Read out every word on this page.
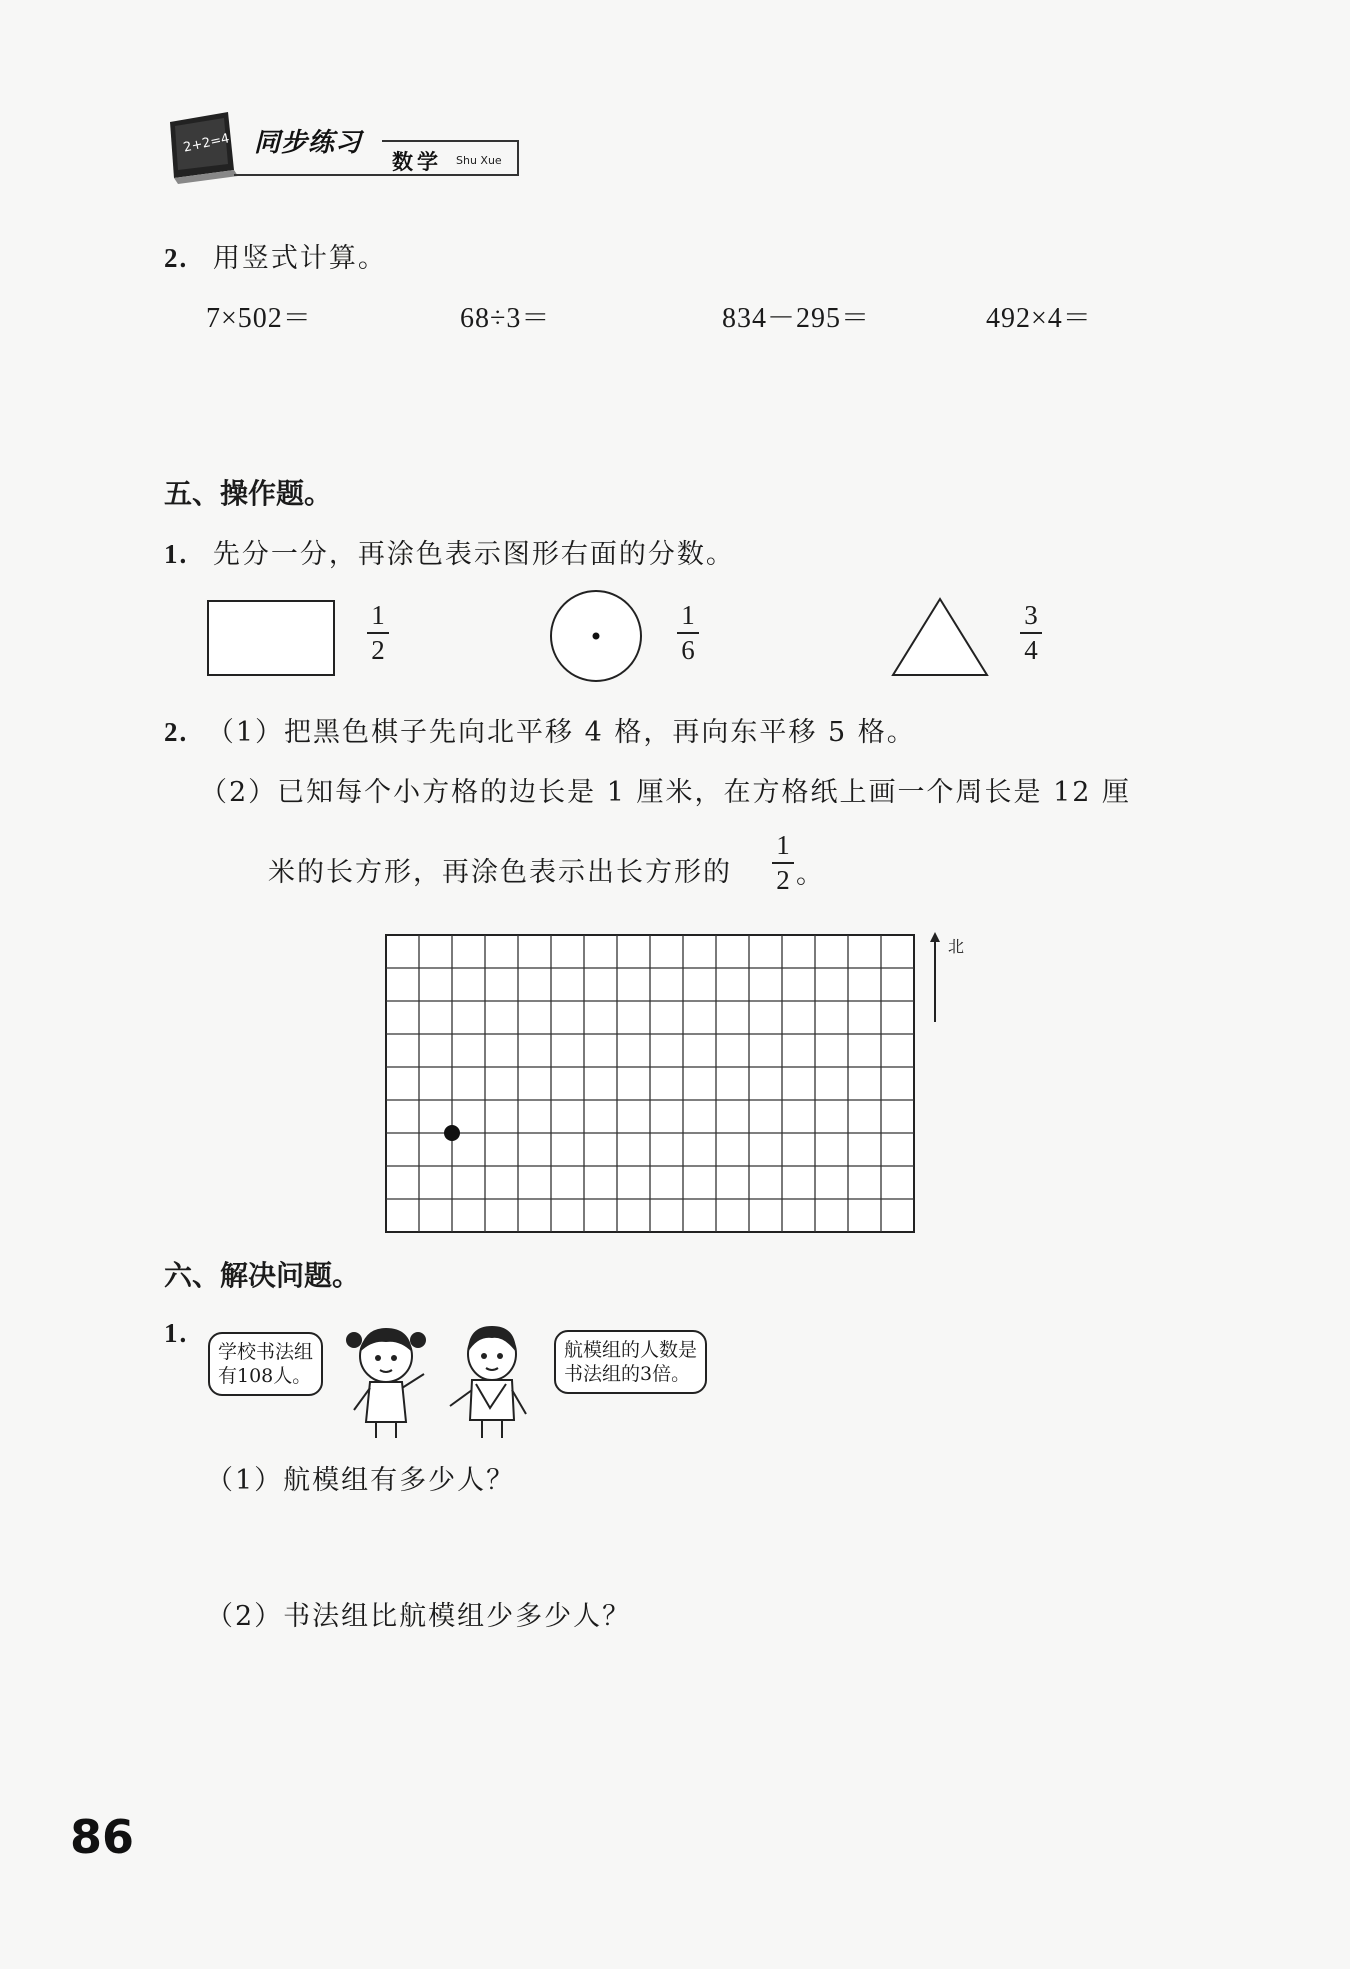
2+2=4 同步练习
数学 Shu Xue
2. 用竖式计算。
7×502＝	68÷3＝	834－295＝	492×4＝
五、操作题。
1. 先分一分，再涂色表示图形右面的分数。
1
2
1
6
3
4
2. （1）把黑色棋子先向北平移 4 格，再向东平移 5 格。
（2）已知每个小方格的边长是 1 厘米，在方格纸上画一个周长是 12 厘
米的长方形，再涂色表示出长方形的
1
2 。
北
六、解决问题。
1.
学校书法组
有108人。
航模组的人数是
书法组的3倍。
（1）航模组有多少人？
（2）书法组比航模组少多少人？
86
